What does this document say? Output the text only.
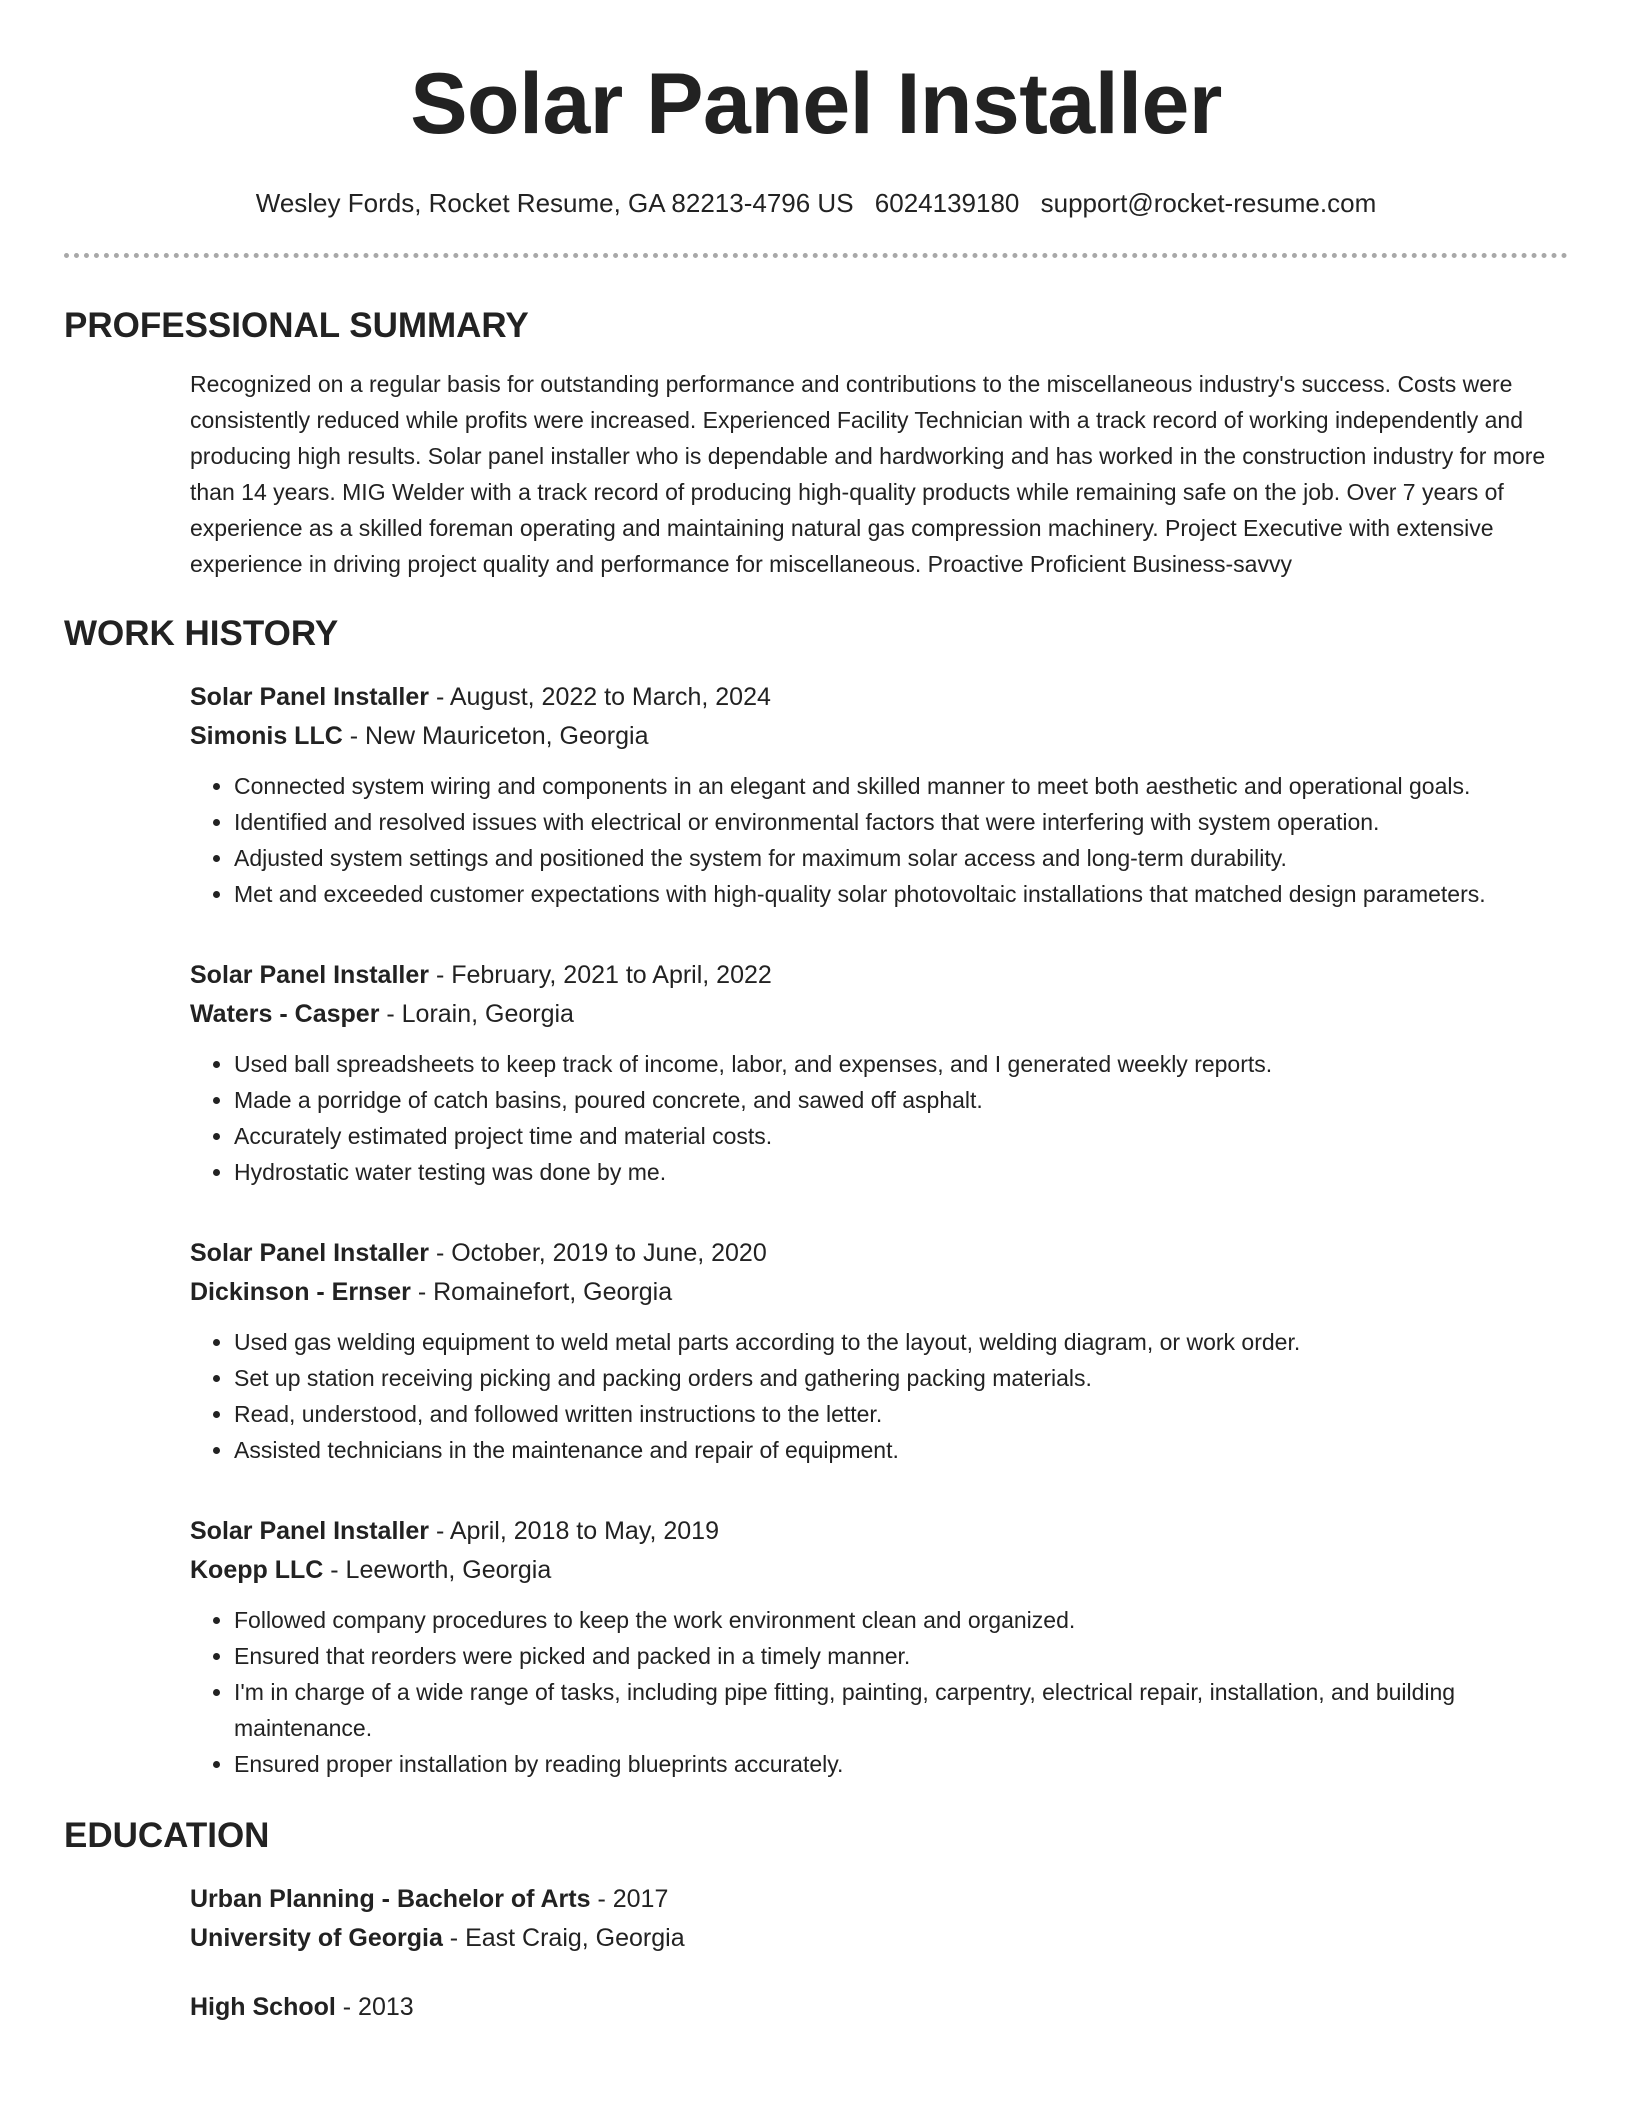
Solar Panel Installer
Wesley Fords, Rocket Resume, GA 82213-4796 US 6024139180 support@rocket-resume.com
PROFESSIONAL SUMMARY
Recognized on a regular basis for outstanding performance and contributions to the miscellaneous industry's success. Costs were consistently reduced while profits were increased. Experienced Facility Technician with a track record of working independently and producing high results. Solar panel installer who is dependable and hardworking and has worked in the construction industry for more than 14 years. MIG Welder with a track record of producing high-quality products while remaining safe on the job. Over 7 years of experience as a skilled foreman operating and maintaining natural gas compression machinery. Project Executive with extensive experience in driving project quality and performance for miscellaneous. Proactive Proficient Business-savvy
WORK HISTORY
Solar Panel Installer - August, 2022 to March, 2024
Simonis LLC - New Mauriceton, Georgia
• Connected system wiring and components in an elegant and skilled manner to meet both aesthetic and operational goals.
• Identified and resolved issues with electrical or environmental factors that were interfering with system operation.
• Adjusted system settings and positioned the system for maximum solar access and long-term durability.
• Met and exceeded customer expectations with high-quality solar photovoltaic installations that matched design parameters.
Solar Panel Installer - February, 2021 to April, 2022
Waters - Casper - Lorain, Georgia
• Used ball spreadsheets to keep track of income, labor, and expenses, and I generated weekly reports.
• Made a porridge of catch basins, poured concrete, and sawed off asphalt.
• Accurately estimated project time and material costs.
• Hydrostatic water testing was done by me.
Solar Panel Installer - October, 2019 to June, 2020
Dickinson - Ernser - Romainefort, Georgia
• Used gas welding equipment to weld metal parts according to the layout, welding diagram, or work order.
• Set up station receiving picking and packing orders and gathering packing materials.
• Read, understood, and followed written instructions to the letter.
• Assisted technicians in the maintenance and repair of equipment.
Solar Panel Installer - April, 2018 to May, 2019
Koepp LLC - Leeworth, Georgia
• Followed company procedures to keep the work environment clean and organized.
• Ensured that reorders were picked and packed in a timely manner.
• I'm in charge of a wide range of tasks, including pipe fitting, painting, carpentry, electrical repair, installation, and building maintenance.
• Ensured proper installation by reading blueprints accurately.
EDUCATION
Urban Planning - Bachelor of Arts - 2017
University of Georgia - East Craig, Georgia
High School - 2013
